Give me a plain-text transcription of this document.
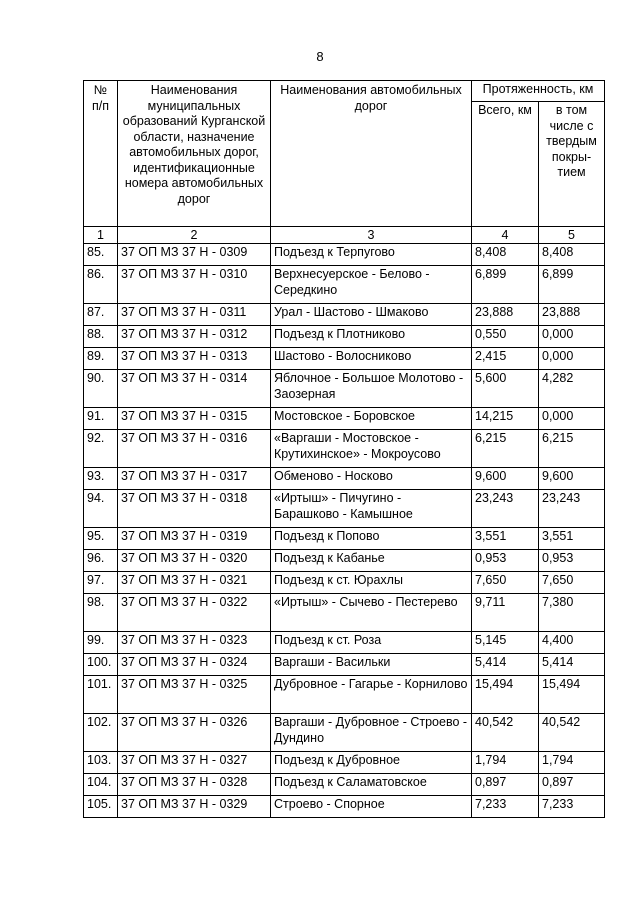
8
№ п/п	Наименования муниципальных образований Курганской области, назначение автомобильных дорог, идентификационные номера автомобильных дорог	Наименования автомобильных дорог	Протяженность, км	
			Всего, км	в том числе с твердым покры-тием
1	2	3	4	5
85.	37 ОП МЗ 37 Н - 0309	Подъезд к Терпугово	8,408	8,408
86.	37 ОП МЗ 37 Н - 0310	Верхнесуерское - Белово - Середкино	6,899	6,899
87.	37 ОП МЗ 37 Н - 0311	Урал - Шастово - Шмаково	23,888	23,888
88.	37 ОП МЗ 37 Н - 0312	Подъезд к Плотниково	0,550	0,000
89.	37 ОП МЗ 37 Н - 0313	Шастово - Волосниково	2,415	0,000
90.	37 ОП МЗ 37 Н - 0314	Яблочное - Большое Молотово - Заозерная	5,600	4,282
91.	37 ОП МЗ 37 Н - 0315	Мостовское - Боровское	14,215	0,000
92.	37 ОП МЗ 37 Н - 0316	«Варгаши - Мостовское - Крутихинское» - Мокроусово	6,215	6,215
93.	37 ОП МЗ 37 Н - 0317	Обменово - Носково	9,600	9,600
94.	37 ОП МЗ 37 Н - 0318	«Иртыш» - Пичугино - Барашково - Камышное	23,243	23,243
95.	37 ОП МЗ 37 Н - 0319	Подъезд к Попово	3,551	3,551
96.	37 ОП МЗ 37 Н - 0320	Подъезд к Кабанье	0,953	0,953
97.	37 ОП МЗ 37 Н - 0321	Подъезд к ст. Юрахлы	7,650	7,650
98.	37 ОП МЗ 37 Н - 0322	«Иртыш» - Сычево - Пестерево	9,711	7,380
99.	37 ОП МЗ 37 Н - 0323	Подъезд к ст. Роза	5,145	4,400
100.	37 ОП МЗ 37 Н - 0324	Варгаши - Васильки	5,414	5,414
101.	37 ОП МЗ 37 Н - 0325	Дубровное - Гагарье - Корнилово	15,494	15,494
102.	37 ОП МЗ 37 Н - 0326	Варгаши - Дубровное - Строево - Дундино	40,542	40,542
103.	37 ОП МЗ 37 Н - 0327	Подъезд к Дубровное	1,794	1,794
104.	37 ОП МЗ 37 Н - 0328	Подъезд к Саламатовское	0,897	0,897
105.	37 ОП МЗ 37 Н - 0329	Строево - Спорное	7,233	7,233
